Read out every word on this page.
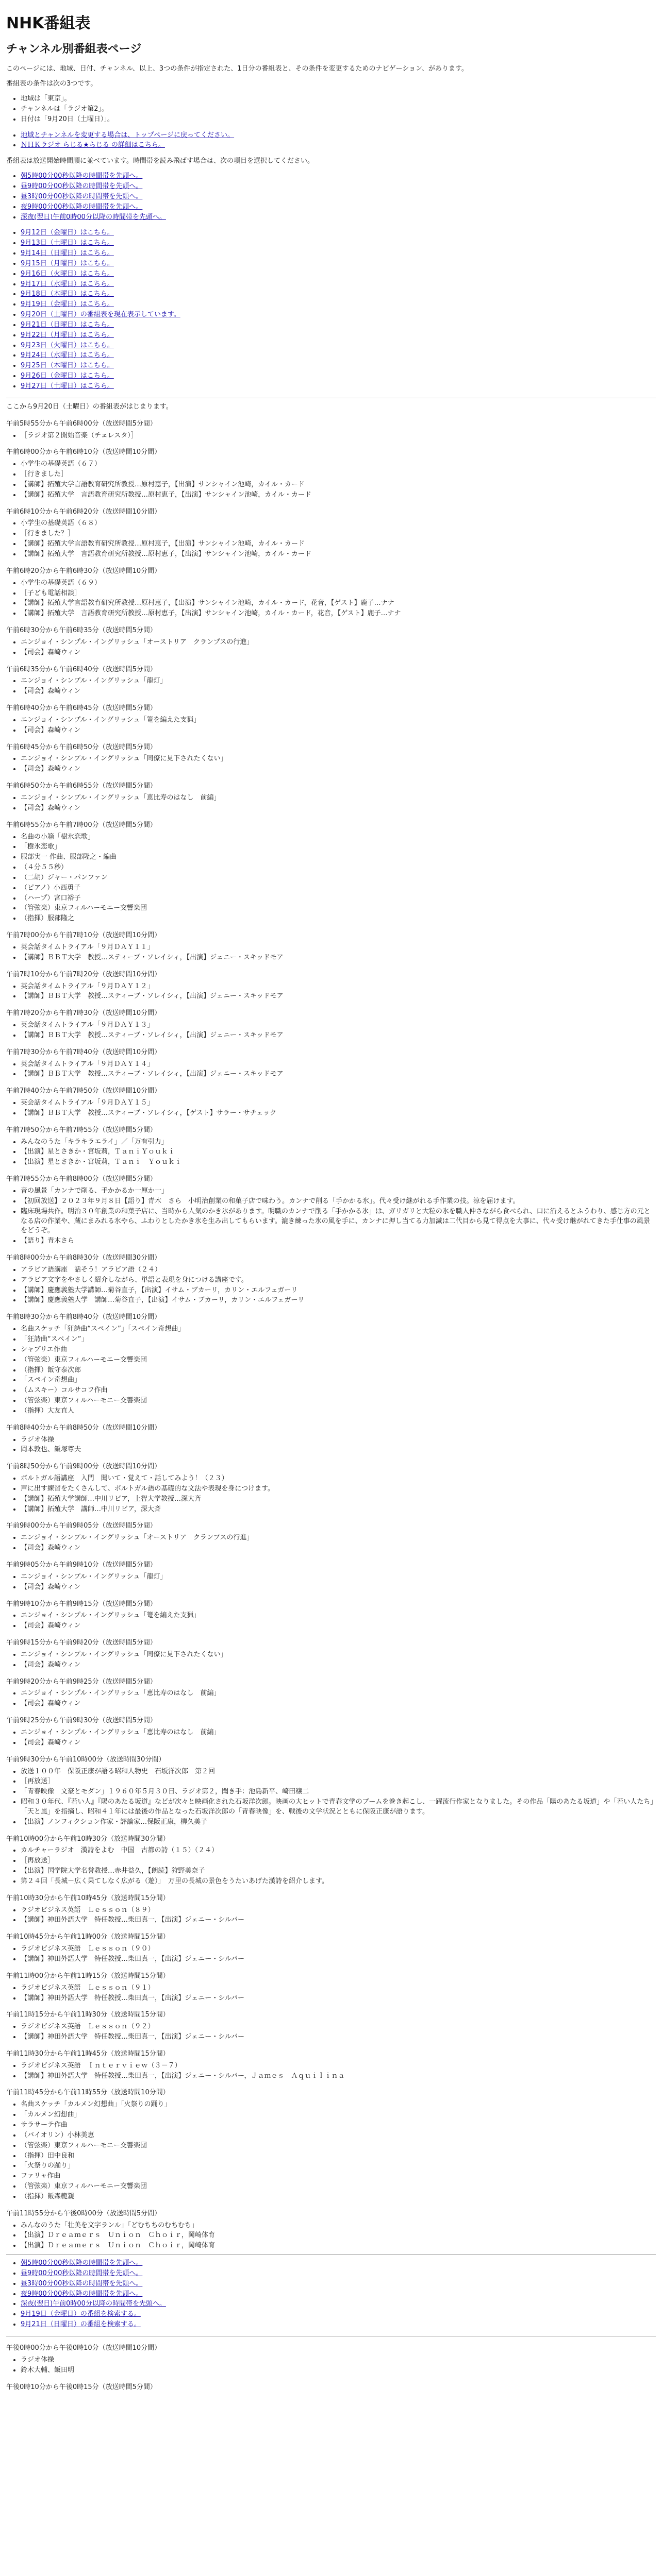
NHK番組表
チャンネル別番組表ページ

このページには、地域、日付、チャンネル、以上、3つの条件が指定された、1日分の番組表と、その条件を変更するためのナビゲーション、があります。

番組表の条件は次の3つです。

• 地域は「東京」。
• チャンネルは「ラジオ第2」。
• 日付は「9月20日（土曜日）」。
• 地域とチャンネルを変更する場合は、トップページに戻ってください。
• ＮＨＫラジオ らじる★らじる の詳細はこちら。

番組表は放送開始時間順に並べています。時間帯を読み飛ばす場合は、次の項目を選択してください。

• 朝5時00分00秒以降の時間帯を先頭へ。
• 昼9時00分00秒以降の時間帯を先頭へ。
• 昼3時00分00秒以降の時間帯を先頭へ。
• 夜9時00分00秒以降の時間帯を先頭へ。
• 深夜(翌日)午前0時00分以降の時間帯を先頭へ。
• 9月12日（金曜日）はこちら。
• 9月13日（土曜日）はこちら。
• 9月14日（日曜日）はこちら。
• 9月15日（月曜日）はこちら。
• 9月16日（火曜日）はこちら。
• 9月17日（水曜日）はこちら。
• 9月18日（木曜日）はこちら。
• 9月19日（金曜日）はこちら。
• 9月20日（土曜日）の番組表を現在表示しています。
• 9月21日（日曜日）はこちら。
• 9月22日（月曜日）はこちら。
• 9月23日（火曜日）はこちら。
• 9月24日（水曜日）はこちら。
• 9月25日（木曜日）はこちら。
• 9月26日（金曜日）はこちら。
• 9月27日（土曜日）はこちら。

ここから9月20日（土曜日）の番組表がはじまります。

午前5時55分から午前6時00分（放送時間5分間）
• ［ラジオ第２開始音楽（チェレスタ）］
午前6時00分から午前6時10分（放送時間10分間）
• 小学生の基礎英語（６７）
• ［行きました］
• 【講師】拓殖大学言語教育研究所教授…原村恵子，【出演】サンシャイン池崎，カイル・カード
• 【講師】拓殖大学　言語教育研究所教授…原村恵子，【出演】サンシャイン池崎，カイル・カード
午前6時10分から午前6時20分（放送時間10分間）
• 小学生の基礎英語（６８）
• ［行きました？］
• 【講師】拓殖大学言語教育研究所教授…原村恵子，【出演】サンシャイン池崎，カイル・カード
• 【講師】拓殖大学　言語教育研究所教授…原村恵子，【出演】サンシャイン池崎，カイル・カード
午前6時20分から午前6時30分（放送時間10分間）
• 小学生の基礎英語（６９）
• ［子ども電話相談］
• 【講師】拓殖大学言語教育研究所教授…原村恵子，【出演】サンシャイン池崎，カイル・カード，花音，【ゲスト】鹿子…ナナ
• 【講師】拓殖大学　言語教育研究所教授…原村恵子，【出演】サンシャイン池崎，カイル・カード，花音，【ゲスト】鹿子…ナナ
午前6時30分から午前6時35分（放送時間5分間）
• エンジョイ・シンプル・イングリッシュ「オーストリア　クランプスの行進」
• 【司会】森崎ウィン
午前6時35分から午前6時40分（放送時間5分間）
• エンジョイ・シンプル・イングリッシュ「龍灯」
• 【司会】森崎ウィン
午前6時40分から午前6時45分（放送時間5分間）
• エンジョイ・シンプル・イングリッシュ「篭を編えた支猟」
• 【司会】森崎ウィン
午前6時45分から午前6時50分（放送時間5分間）
• エンジョイ・シンプル・イングリッシュ「同僚に見下されたくない」
• 【司会】森崎ウィン
午前6時50分から午前6時55分（放送時間5分間）
• エンジョイ・シンプル・イングリッシュ「恵比寿のはなし　前編」
• 【司会】森崎ウィン
午前6時55分から午前7時00分（放送時間5分間）
• 名曲の小箱「樹氷恋歌」
• 「樹氷恋歌」
• 服部実一 作曲、服部隆之・編曲
• （４分５５秒）
• （二胡）ジャー・パンファン
• （ピアノ）小西勇子
• （ハープ）宮口裕子
• （管弦楽）東京フィルハーモニー交響楽団
• （指揮）服部隆之
午前7時00分から午前7時10分（放送時間10分間）
• 英会話タイムトライアル「９月ＤＡＹ１１」
• 【講師】ＢＢＴ大学　教授…スティーブ・ソレイシィ，【出演】ジェニー・スキッドモア
午前7時10分から午前7時20分（放送時間10分間）
• 英会話タイムトライアル「９月ＤＡＹ１２」
• 【講師】ＢＢＴ大学　教授…スティーブ・ソレイシィ，【出演】ジェニー・スキッドモア
午前7時20分から午前7時30分（放送時間10分間）
• 英会話タイムトライアル「９月ＤＡＹ１３」
• 【講師】ＢＢＴ大学　教授…スティーブ・ソレイシィ，【出演】ジェニー・スキッドモア
午前7時30分から午前7時40分（放送時間10分間）
• 英会話タイムトライアル「９月ＤＡＹ１４」
• 【講師】ＢＢＴ大学　教授…スティーブ・ソレイシィ，【出演】ジェニー・スキッドモア
午前7時40分から午前7時50分（放送時間10分間）
• 英会話タイムトライアル「９月ＤＡＹ１５」
• 【講師】ＢＢＴ大学　教授…スティーブ・ソレイシィ，【ゲスト】サラー・サチェック
午前7時50分から午前7時55分（放送時間5分間）
• みんなのうた「キラキラエライ」／「万有引力」
• 【出演】星とさきか・宮坂莉，ＴａｎｉＹｏｕｋｉ
• 【出演】星とさきか・宮坂莉，Ｔａｎｉ　Ｙｏｕｋｉ
午前7時55分から午前8時00分（放送時間5分間）
• 音の風景「カンナで削る、手かかるか一厘か一」
• 【初回放送】２０２３年９月８日【語り】青木　さら　小明治創業の和菓子店で味わう。カンナで削る「手かかる氷」。代々受け継がれる手作業の技。涼を届けます。
• 臨床現場共作。明治３０年創業の和菓子店に、当時から人気のかき氷があります。明職のカンナで削る「手かかる氷」は、ガリガリと大粒の氷を職人仲さながら食べられ、口に沿えるとふうわり、感じ方の元となる店の作業や、蔵にまみれる氷やら、ふわりとしたかき氷を生み出してもらいます。漉き練った氷の風を手に、カンナに押し当てる力加減は二代目から見て得点を大事に、代々受け継がれてきた手仕事の風景をどうぞ。
• 【語り】青木さら
午前8時00分から午前8時30分（放送時間30分間）
• アラビア語講座　話そう！アラビア語（２４）
• アラビア文字をやさしく紹介しながら、単語と表現を身につける講座です。
• 【講師】慶應義塾大学講師…菊谷直子，【出演】イサム・ブカーリ，カリン・エルフェガーリ
• 【講師】慶應義塾大学　講師…菊谷直子，【出演】イサム・ブカーリ，カリン・エルフェガーリ
午前8時30分から午前8時40分（放送時間10分間）
• 名曲スケッチ「狂詩曲“スペイン”」「スペイン奇想曲」
• 「狂詩曲“スペイン”」
• シャブリエ作曲
• （管弦楽）東京フィルハーモニー交響楽団
• （指揮）飯守泰次郎
• 「スペイン奇想曲」
• （ムスキー）コルサコフ作曲
• （管弦楽）東京フィルハーモニー交響楽団
• （指揮）大友直人
午前8時40分から午前8時50分（放送時間10分間）
• ラジオ体操
• 岡本敦也、飯塚尊夫
午前8時50分から午前9時00分（放送時間10分間）
• ボルトガル語講座　入門　聞いて・覚えて・話してみよう！（２３）
• 声に出す練習をたくさんして、ポルトガル語の基礎的な文法や表現を身につけます。
• 【講師】拓殖大学講師…中川リビア，上智大学教授…深大斉
• 【講師】拓殖大学　講師…中川リビア，深大斉
午前9時00分から午前9時05分（放送時間5分間）
• エンジョイ・シンプル・イングリッシュ「オーストリア　クランプスの行進」
• 【司会】森崎ウィン
午前9時05分から午前9時10分（放送時間5分間）
• エンジョイ・シンプル・イングリッシュ「龍灯」
• 【司会】森崎ウィン
午前9時10分から午前9時15分（放送時間5分間）
• エンジョイ・シンプル・イングリッシュ「篭を編えた支猟」
• 【司会】森崎ウィン
午前9時15分から午前9時20分（放送時間5分間）
• エンジョイ・シンプル・イングリッシュ「同僚に見下されたくない」
• 【司会】森崎ウィン
午前9時20分から午前9時25分（放送時間5分間）
• エンジョイ・シンプル・イングリッシュ「恵比寿のはなし　前編」
• 【司会】森崎ウィン
午前9時25分から午前9時30分（放送時間5分間）
• エンジョイ・シンプル・イングリッシュ「恵比寿のはなし　前編」
• 【司会】森崎ウィン
午前9時30分から午前10時00分（放送時間30分間）
• 放送１００年　保阪正康が語る昭和人物史　石坂洋次郎　第２回
• ［再放送］
• 「青春映像　文豪とモダン」１９６０年５月３０日、ラジオ第２，聞き手：池島新平、崎田穣二
• 昭和３０年代、『若い人』『陽のあたる坂道』などが次々と映画化された石坂洋次郎。映画の大ヒットで青春文学のブームを巻き起こし、一躍流行作家となりました。その作品「陽のあたる坂道」や「若い人たち」「天と嵐」を指摘し、昭和４１年には最後の作品となった石坂洋次郎の「青春映像」を、戦後の文学状況とともに保阪正康が語ります。
• 【出演】ノンフィクション作家・評論家…保阪正康，柳久美子
午前10時00分から午前10時30分（放送時間30分間）
• カルチャーラジオ　漢詩をよむ　中国　古都の詩（１５）（２４）
• ［再放送］
• 【出演】国学院大学名誉教授…赤井益久，【朗読】狩野美奈子
• 第２４回「長城－広く果てしなく広がる（遊）」　万里の長城の景色をうたいあげた漢詩を紹介します。
午前10時30分から午前10時45分（放送時間15分間）
• ラジオビジネス英語　Ｌｅｓｓｏｎ（８９）
• 【講師】神田外語大学　特任教授…柴田真一，【出演】ジェニー・シルバー
午前10時45分から午前11時00分（放送時間15分間）
• ラジオビジネス英語　Ｌｅｓｓｏｎ（９０）
• 【講師】神田外語大学　特任教授…柴田真一，【出演】ジェニー・シルバー
午前11時00分から午前11時15分（放送時間15分間）
• ラジオビジネス英語　Ｌｅｓｓｏｎ（９１）
• 【講師】神田外語大学　特任教授…柴田真一，【出演】ジェニー・シルバー
午前11時15分から午前11時30分（放送時間15分間）
• ラジオビジネス英語　Ｌｅｓｓｏｎ（９２）
• 【講師】神田外語大学　特任教授…柴田真一，【出演】ジェニー・シルバー
午前11時30分から午前11時45分（放送時間15分間）
• ラジオビジネス英語　Ｉｎｔｅｒｖｉｅｗ（３－７）
• 【講師】神田外語大学　特任教授…柴田真一，【出演】ジェニー・シルバー，Ｊａｍｅｓ　Ａｑｕｉｌｉｎａ
午前11時45分から午前11時55分（放送時間10分間）
• 名曲スケッチ「カルメン幻想曲」「火祭りの踊り」
• 「カルメン幻想曲」
• サラサーテ作曲
• （バイオリン）小林美恵
• （管弦楽）東京フィルハーモニー交響楽団
• （指揮）田中良和
• 「火祭りの踊り」
• ファリャ作曲
• （管弦楽）東京フィルハーモニー交響楽団
• （指揮）飯森範親
午前11時55分から午後0時00分（放送時間5分間）
• みんなのうた「壮美を文字ランル」「どむちちのむちむち」
• 【出演】Ｄｒｅａｍｅｒｓ　Ｕｎｉｏｎ　Ｃｈｏｉｒ，岡崎体育
• 【出演】Ｄｒｅａｍｅｒｓ　Ｕｎｉｏｎ　Ｃｈｏｉｒ，岡崎体育
• 朝5時00分00秒以降の時間帯を先頭へ。
• 昼9時00分00秒以降の時間帯を先頭へ。
• 昼3時00分00秒以降の時間帯を先頭へ。
• 夜9時00分00秒以降の時間帯を先頭へ。
• 深夜(翌日)午前0時00分以降の時間帯を先頭へ。
• 9月19日（金曜日）の番組を検索する。
• 9月21日（日曜日）の番組を検索する。
午後0時00分から午後0時10分（放送時間10分間）
• ラジオ体操
• 鈴木大輔、飯田明
午後0時10分から午後0時15分（放送時間5分間）
